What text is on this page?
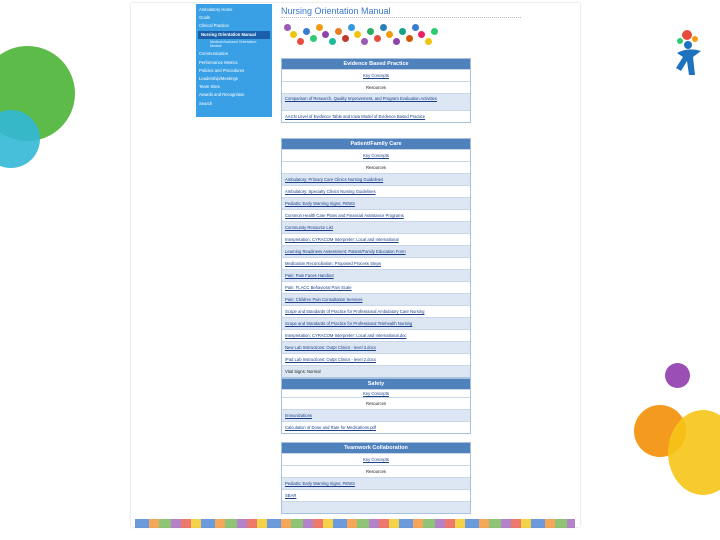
Ambulatory Home
Goals
Clinical Practice
Nursing Orientation Manual
Medical Assistant Orientation Module
Communication
Performance Metrics
Policies and Procedures
Leadership/Meetings
Team Sites
Awards and Recognition
Search
Nursing Orientation Manual
Evidence Based Practice
Key Concepts
Resources
Comparison of Research, Quality Improvement, and Program Evaluation Activities
AACN Level of Evidence Table and Iowa Model of Evidence Based Practice
Patient/Family Care
Key Concepts
Resources
Ambulatory: Primary Care Clinics Nursing Guidelines
Ambulatory: Specialty Clinics Nursing Guidelines
Pediatric Early Warning Signs: PEWS
Common Health Care Plans and Financial Assistance Programs
Community Resource List
Interpretation: CYRACOM Interpreter: Local and International
Learning Readiness Assessment: Patient/Family Education Form
Medication Reconciliation: Proposed Process Steps
Pain: Pain Faces Handout
Pain: FLACC Behavioral Pain Scale
Pain: Children Pain Consultation Services
Scope and Standards of Practice for Professional Ambulatory Care Nursing
Scope and Standards of Practice for Professional Telehealth Nursing
Interpretation: CYRACOM Interpreter: Local and International.doc
New Lab Instructions: Outpt Clinics - level 3.docx
iPad Lab Instructions: Outpt Clinics - level 2.docx
Vital Signs: Normal
Safety
Key Concepts
Resources
Immunizations
Calculation of Dose and Rate for Medications.pdf
Teamwork Collaboration
Key Concepts
Resources
Pediatric Early Warning Signs: PEWS
SBAR
